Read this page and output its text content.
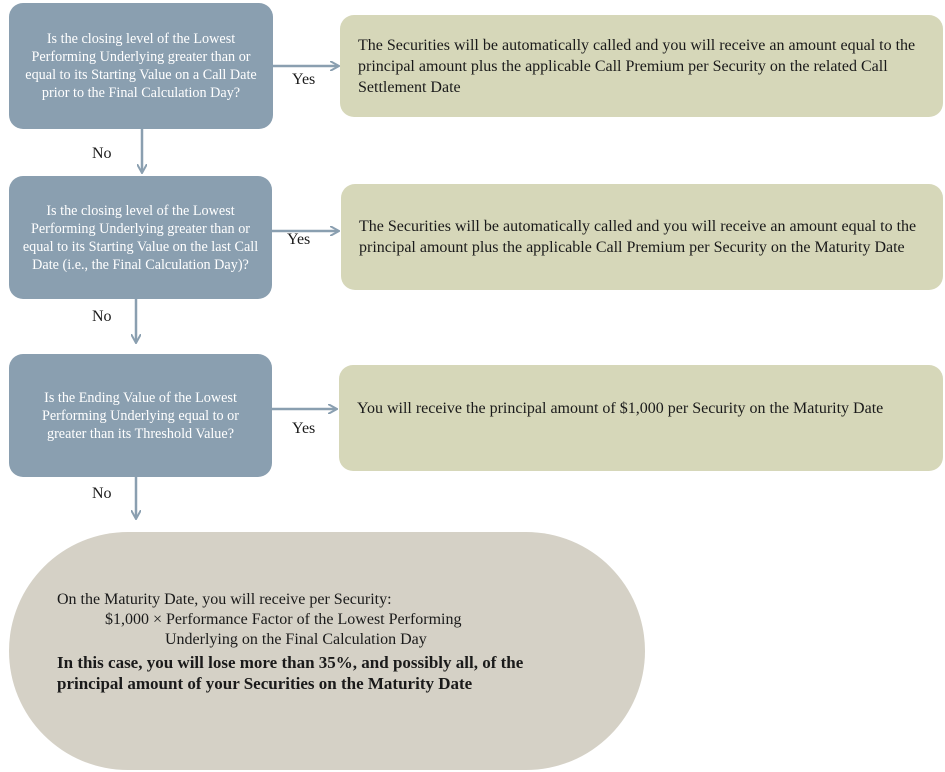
Is the closing level of the Lowest Performing Underlying greater than or equal to its Starting Value on a Call Date prior to the Final Calculation Day?
Yes
The Securities will be automatically called and you will receive an amount equal to the principal amount plus the applicable Call Premium per Security on the related Call Settlement Date
No
Is the closing level of the Lowest Performing Underlying greater than or equal to its Starting Value on the last Call Date (i.e., the Final Calculation Day)?
Yes
The Securities will be automatically called and you will receive an amount equal to the principal amount plus the applicable Call Premium per Security on the Maturity Date
No
Is the Ending Value of the Lowest Performing Underlying equal to or greater than its Threshold Value?	Yes
You will receive the principal amount of $1,000 per Security on the Maturity Date
No
On the Maturity Date, you will receive per Security:
$1,000 × Performance Factor of the Lowest Performing
Underlying on the Final Calculation Day
In this case, you will lose more than 35%, and possibly all, of the principal amount of your Securities on the Maturity Date
